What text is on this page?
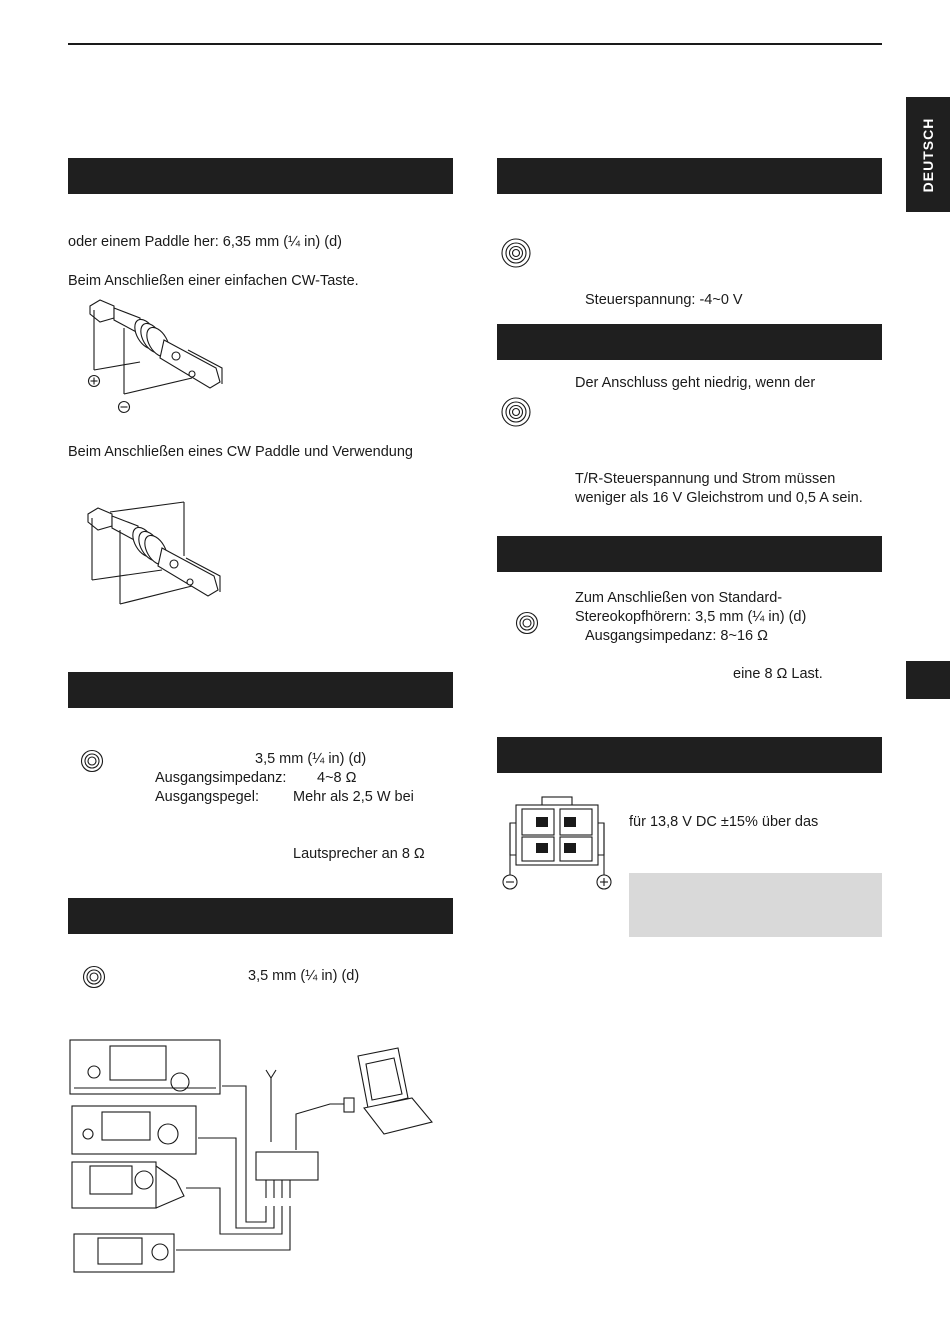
DEUTSCH
oder einem Paddle her: 6,35 mm (¼ in) (d)
Beim Anschließen einer einfachen CW-Taste.
Beim Anschließen eines CW Paddle und Verwendung
3,5 mm (¼ in) (d)
Ausgangsimpedanz: 4~8 Ω
Ausgangspegel: Mehr als 2,5 W bei
Lautsprecher an 8 Ω
3,5 mm (¼ in) (d)
Steuerspannung: -4~0 V
Der Anschluss geht niedrig, wenn der
T/R-Steuerspannung und Strom müssen
weniger als 16 V Gleichstrom und 0,5 A sein.
Zum Anschließen von Standard-
Stereokopfhörern: 3,5 mm (¼ in) (d)
Ausgangsimpedanz: 8~16 Ω
eine 8 Ω Last.
für 13,8 V DC ±15% über das
